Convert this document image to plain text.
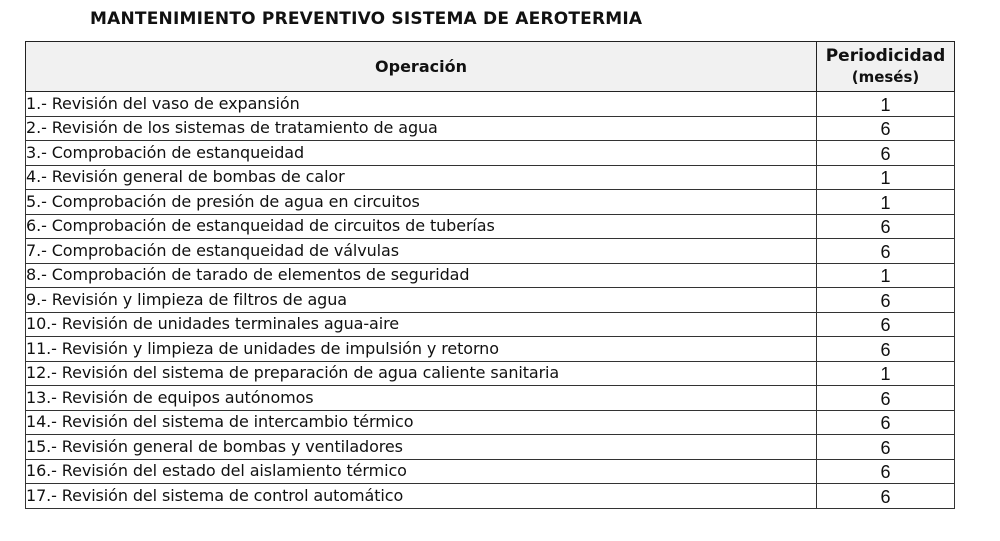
MANTENIMIENTO PREVENTIVO SISTEMA DE AEROTERMIA
Operación	Periodicidad
(mesés)

1.- Revisión del vaso de expansión	1
2.- Revisión de los sistemas de tratamiento de agua	6
3.- Comprobación de estanqueidad	6
4.- Revisión general de bombas de calor	1
5.- Comprobación de presión de agua en circuitos	1
6.- Comprobación de estanqueidad de circuitos de tuberías	6
7.- Comprobación de estanqueidad de válvulas	6
8.- Comprobación de tarado de elementos de seguridad	1
9.- Revisión y limpieza de filtros de agua	6
10.- Revisión de unidades terminales agua-aire	6
11.- Revisión y limpieza de unidades de impulsión y retorno	6
12.- Revisión del sistema de preparación de agua caliente sanitaria	1
13.- Revisión de equipos autónomos	6
14.- Revisión del sistema de intercambio térmico	6
15.- Revisión general de bombas y ventiladores	6
16.- Revisión del estado del aislamiento térmico	6
17.- Revisión del sistema de control automático	6
